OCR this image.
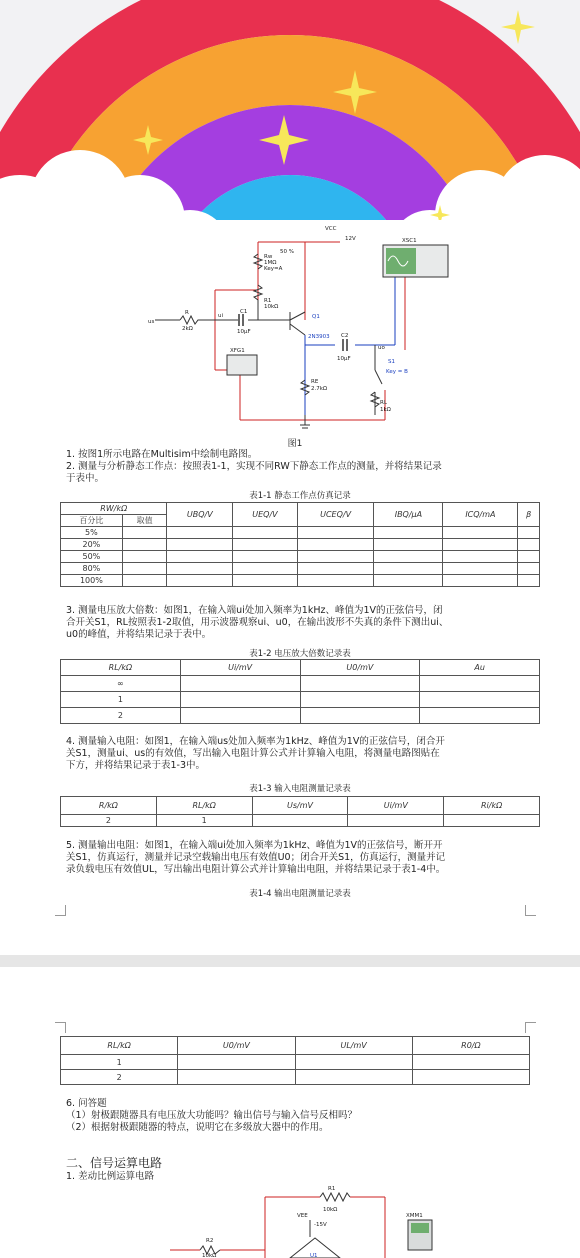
VCC
12V
50 %
Rw
1MΩ
Key=A
XSC1
R1
10kΩ
C1
10µF
Q1
2N3903
R
2kΩ
us
ui
uo
C2
10µF	S1
Key = B
RE
2.7kΩ
RL
1kΩ
XFG1
图1
1. 按图1所示电路在Multisim中绘制电路图。
2. 测量与分析静态工作点：按照表1-1，实现不同RW下静态工作点的测量，并将结果记录
于表中。
表1-1 静态工作点仿真记录
RW/kΩ		UBQ/V	UEQ/V	UCEQ/V	IBQ/µA	ICQ/mA	β
百分比	取值						
5%							
20%							
50%							
80%							
100%							
3. 测量电压放大倍数：如图1，在输入端ui处加入频率为1kHz、峰值为1V的正弦信号，闭
合开关S1，RL按照表1-2取值，用示波器观察ui、u0，在输出波形不失真的条件下测出ui、
u0的峰值，并将结果记录于表中。
表1-2 电压放大倍数记录表
RL/kΩ	Ui/mV	U0/mV	Au
∞			
1			
2			
4. 测量输入电阻：如图1，在输入端us处加入频率为1kHz、峰值为1V的正弦信号，闭合开
关S1，测量ui、us的有效值，写出输入电阻计算公式并计算输入电阻，将测量电路图贴在
下方，并将结果记录于表1-3中。
表1-3 输入电阻测量记录表
R/kΩ	RL/kΩ	Us/mV	Ui/mV	Ri/kΩ
2	1			
5. 测量输出电阻：如图1，在输入端ui处加入频率为1kHz、峰值为1V的正弦信号，断开开
关S1，仿真运行，测量并记录空载输出电压有效值U0；闭合开关S1，仿真运行，测量并记
录负载电压有效值UL，写出输出电阻计算公式并计算输出电阻，并将结果记录于表1-4中。
表1-4 输出电阻测量记录表
RL/kΩ	U0/mV	UL/mV	R0/Ω
1			
2			
6. 问答题
（1）射极跟随器具有电压放大功能吗？输出信号与输入信号反相吗？
（2）根据射极跟随器的特点，说明它在多级放大器中的作用。
二、信号运算电路
1. 差动比例运算电路
R1
10kΩ
VEE
-15V
R2
10kΩ	U1
XMM1
